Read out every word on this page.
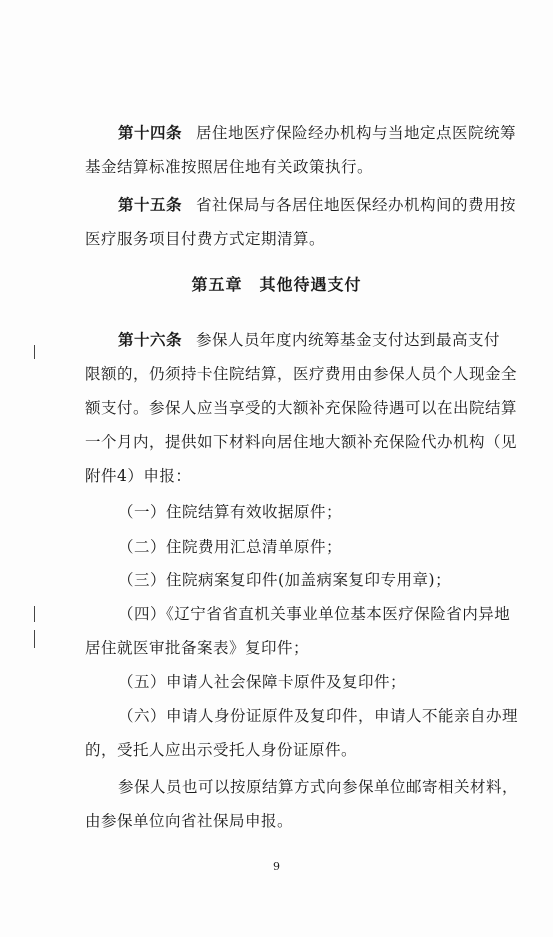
第十四条 居住地医疗保险经办机构与当地定点医院统筹
基金结算标准按照居住地有关政策执行。
第十五条 省社保局与各居住地医保经办机构间的费用按
医疗服务项目付费方式定期清算。
第五章　其他待遇支付
第十六条 参保人员年度内统筹基金支付达到最高支付
限额的，仍须持卡住院结算，医疗费用由参保人员个人现金全
额支付。参保人应当享受的大额补充保险待遇可以在出院结算
一个月内，提供如下材料向居住地大额补充保险代办机构（见
附件4）申报：
（一）住院结算有效收据原件；
（二）住院费用汇总清单原件；
（三）住院病案复印件(加盖病案复印专用章)；
（四）《辽宁省省直机关事业单位基本医疗保险省内异地
居住就医审批备案表》复印件；
（五）申请人社会保障卡原件及复印件；
（六）申请人身份证原件及复印件，申请人不能亲自办理
的，受托人应出示受托人身份证原件。
参保人员也可以按原结算方式向参保单位邮寄相关材料，
由参保单位向省社保局申报。
9
